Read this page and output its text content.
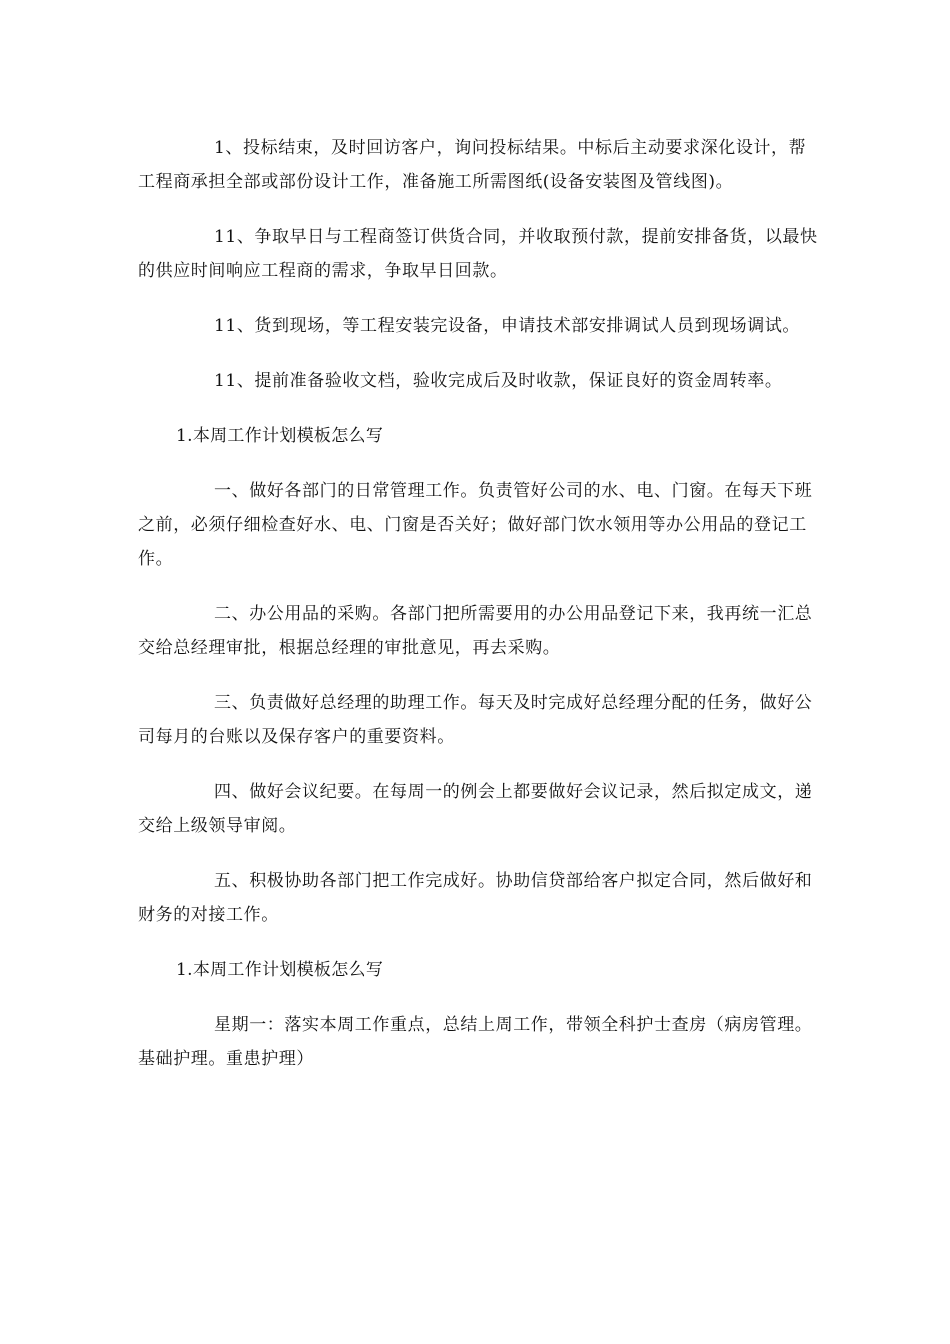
1、投标结束，及时回访客户，询问投标结果。中标后主动要求深化设计，帮工程商承担全部或部份设计工作，准备施工所需图纸(设备安装图及管线图)。

11、争取早日与工程商签订供货合同，并收取预付款，提前安排备货，以最快的供应时间响应工程商的需求，争取早日回款。

11、货到现场，等工程安装完设备，申请技术部安排调试人员到现场调试。

11、提前准备验收文档，验收完成后及时收款，保证良好的资金周转率。

1.本周工作计划模板怎么写

一、做好各部门的日常管理工作。负责管好公司的水、电、门窗。在每天下班之前，必须仔细检查好水、电、门窗是否关好；做好部门饮水领用等办公用品的登记工作。

二、办公用品的采购。各部门把所需要用的办公用品登记下来，我再统一汇总交给总经理审批，根据总经理的审批意见，再去采购。

三、负责做好总经理的助理工作。每天及时完成好总经理分配的任务，做好公司每月的台账以及保存客户的重要资料。

四、做好会议纪要。在每周一的例会上都要做好会议记录，然后拟定成文，递交给上级领导审阅。

五、积极协助各部门把工作完成好。协助信贷部给客户拟定合同，然后做好和财务的对接工作。

1.本周工作计划模板怎么写

星期一：落实本周工作重点，总结上周工作，带领全科护士查房（病房管理。基础护理。重患护理）
